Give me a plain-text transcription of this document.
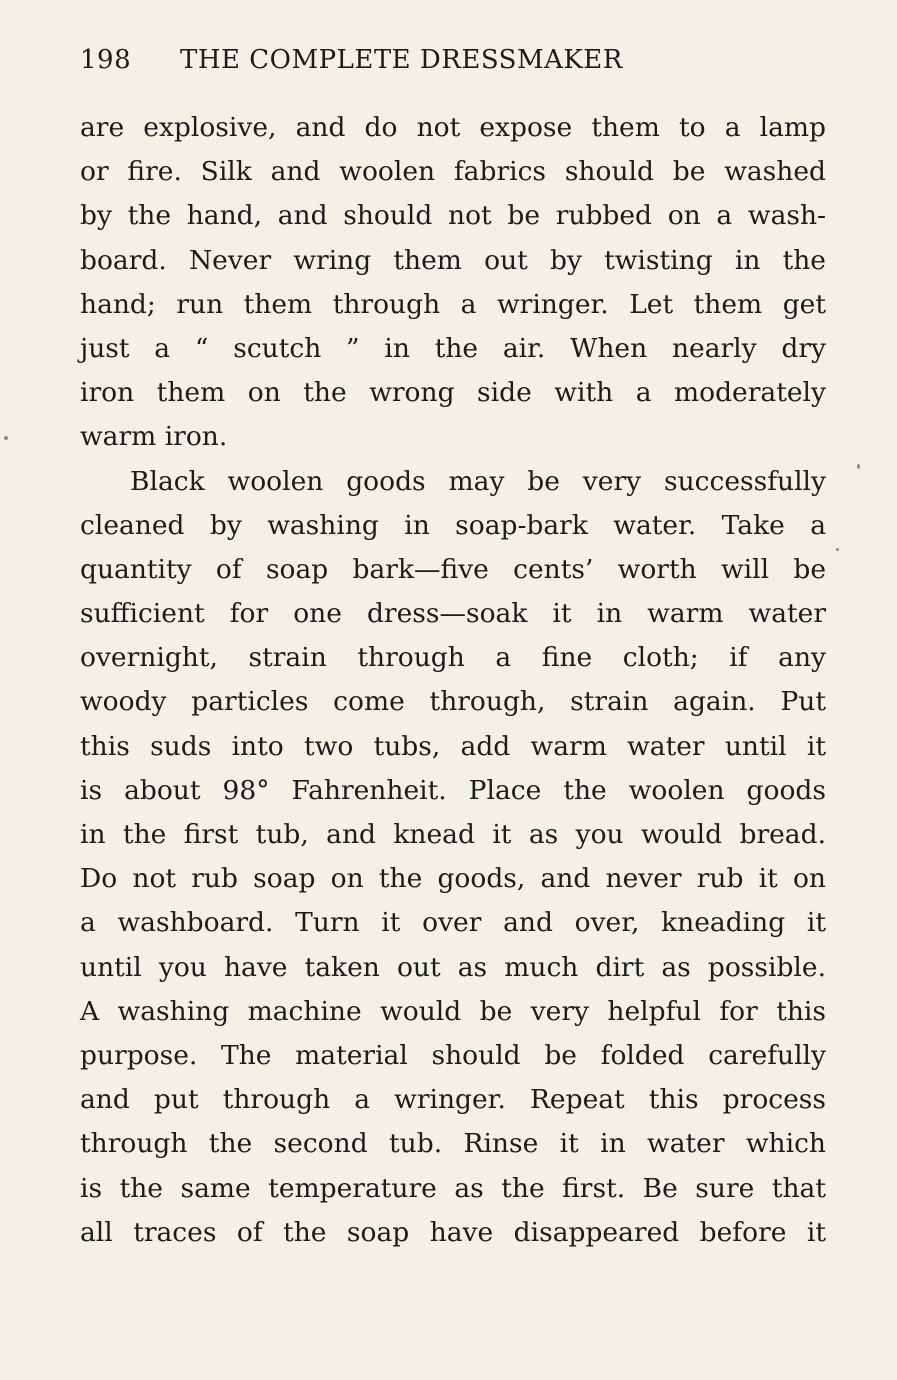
198 THE COMPLETE DRESSMAKER
are explosive, and do not expose them to a lamp
or fire. Silk and woolen fabrics should be washed
by the hand, and should not be rubbed on a wash-
board. Never wring them out by twisting in the
hand; run them through a wringer. Let them get
just a “ scutch ” in the air. When nearly dry
iron them on the wrong side with a moderately
warm iron.
Black woolen goods may be very successfully
cleaned by washing in soap-bark water. Take a
quantity of soap bark—five cents’ worth will be
sufficient for one dress—soak it in warm water
overnight, strain through a fine cloth; if any
woody particles come through, strain again. Put
this suds into two tubs, add warm water until it
is about 98° Fahrenheit. Place the woolen goods
in the first tub, and knead it as you would bread.
Do not rub soap on the goods, and never rub it on
a washboard. Turn it over and over, kneading it
until you have taken out as much dirt as possible.
A washing machine would be very helpful for this
purpose. The material should be folded carefully
and put through a wringer. Repeat this process
through the second tub. Rinse it in water which
is the same temperature as the first. Be sure that
all traces of the soap have disappeared before it
